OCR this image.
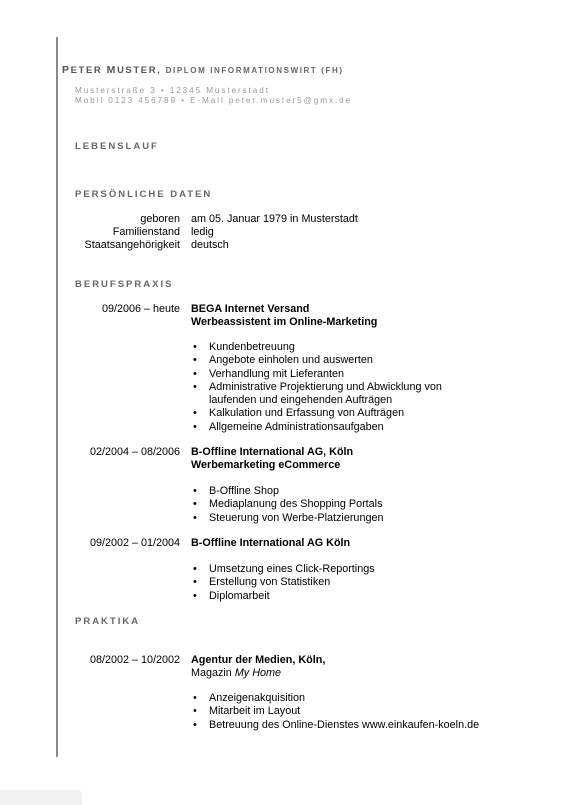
PETER MUSTER, DIPLOM INFORMATIONSWIRT (FH)
Musterstraße 3 • 12345 Musterstadt
Mobil 0123 456789 • E-Mail peter.muster5@gmx.de
LEBENSLAUF
PERSÖNLICHE DATEN
geboren am 05. Januar 1979 in Musterstadt
Familienstand ledig
Staatsangehörigkeit deutsch
BERUFSPRAXIS
09/2006 – heute BEGA Internet Versand
Werbeassistent im Online-Marketing
• Kundenbetreuung
• Angebote einholen und auswerten
• Verhandlung mit Lieferanten
• Administrative Projektierung und Abwicklung von
laufenden und eingehenden Aufträgen
• Kalkulation und Erfassung von Aufträgen
• Allgemeine Administrationsaufgaben
02/2004 – 08/2006 B-Offline International AG, Köln
Werbemarketing eCommerce
• B-Offline Shop
• Mediaplanung des Shopping Portals
• Steuerung von Werbe-Platzierungen
09/2002 – 01/2004 B-Offline International AG Köln
• Umsetzung eines Click-Reportings
• Erstellung von Statistiken
• Diplomarbeit
PRAKTIKA
08/2002 – 10/2002 Agentur der Medien, Köln,
Magazin My Home
• Anzeigenakquisition
• Mitarbeit im Layout
• Betreuung des Online-Dienstes www.einkaufen-koeln.de
